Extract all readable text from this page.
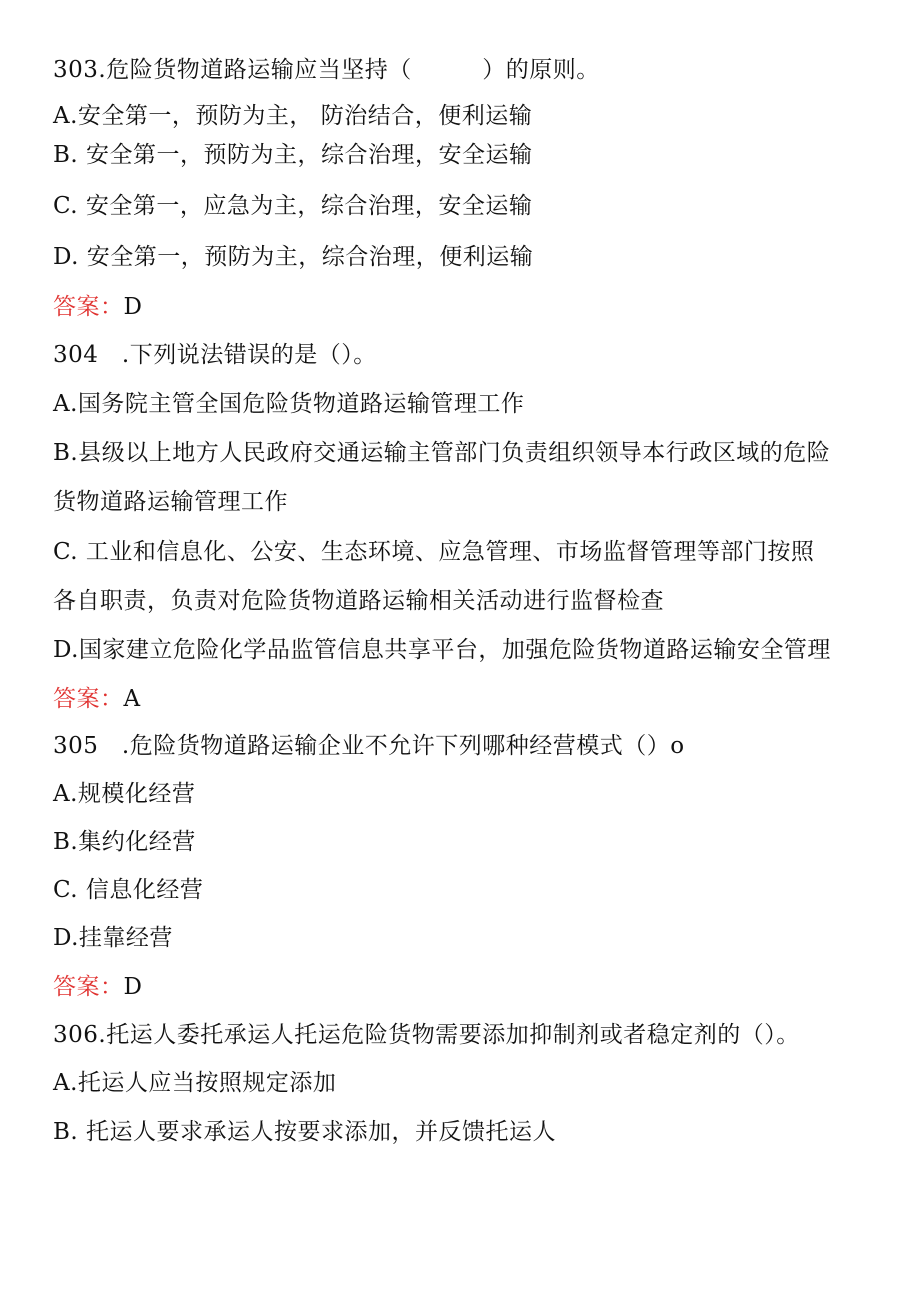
303.危险货物道路运输应当坚持（　　　）的原则。
A.安全第一，预防为主， 防治结合，便利运输
B. 安全第一，预防为主，综合治理，安全运输
C. 安全第一，应急为主，综合治理，安全运输
D. 安全第一，预防为主，综合治理，便利运输
答案：D
304　.下列说法错误的是（）。
A.国务院主管全国危险货物道路运输管理工作
B.县级以上地方人民政府交通运输主管部门负责组织领导本行政区域的危险
货物道路运输管理工作
C. 工业和信息化、公安、生态环境、应急管理、市场监督管理等部门按照
各自职责，负责对危险货物道路运输相关活动进行监督检查
D.国家建立危险化学品监管信息共享平台，加强危险货物道路运输安全管理
答案：A
305　.危险货物道路运输企业不允许下列哪种经营模式（）o
A.规模化经营
B.集约化经营
C. 信息化经营
D.挂靠经营
答案：D
306.托运人委托承运人托运危险货物需要添加抑制剂或者稳定剂的（）。
A.托运人应当按照规定添加
B. 托运人要求承运人按要求添加，并反馈托运人
